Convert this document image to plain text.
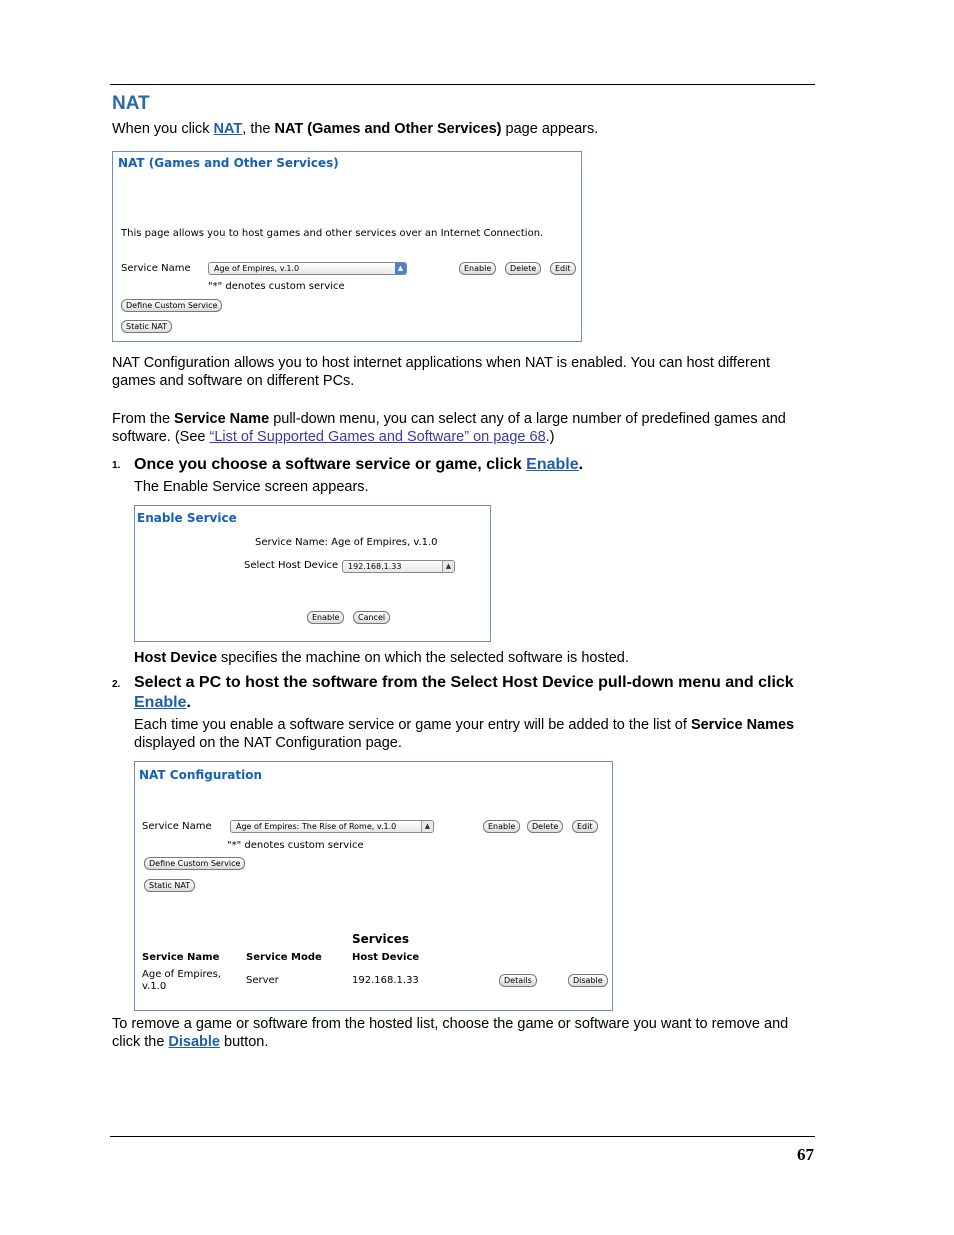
NAT

When you click NAT, the NAT (Games and Other Services) page appears.

NAT (Games and Other Services)
This page allows you to host games and other services over an Internet Connection.
Service Name	Age of Empires, v.1.0	▲	Enable	Delete	Edit
"*" denotes custom service
Define Custom Service
Static NAT

NAT Configuration allows you to host internet applications when NAT is enabled. You can host different games and software on different PCs.

From the Service Name pull-down menu, you can select any of a large number of predefined games and software. (See “List of Supported Games and Software” on page 68.)

1. Once you choose a software service or game, click Enable.

The Enable Service screen appears.

Enable Service
Service Name: Age of Empires, v.1.0
Select Host Device	192.168.1.33	▲
Enable	Cancel

Host Device specifies the machine on which the selected software is hosted.

2. Select a PC to host the software from the Select Host Device pull-down menu and click Enable.

Each time you enable a software service or game your entry will be added to the list of Service Names displayed on the NAT Configuration page.

NAT Configuration
Service Name	Age of Empires: The Rise of Rome, v.1.0	▲	Enable	Delete	Edit
"*" denotes custom service
Define Custom Service
Static NAT
Services
Service Name	Service Mode	Host Device
Age of Empires,
v.1.0
Server	192.168.1.33	Details	Disable

To remove a game or software from the hosted list, choose the game or software you want to remove and click the Disable button.

67
